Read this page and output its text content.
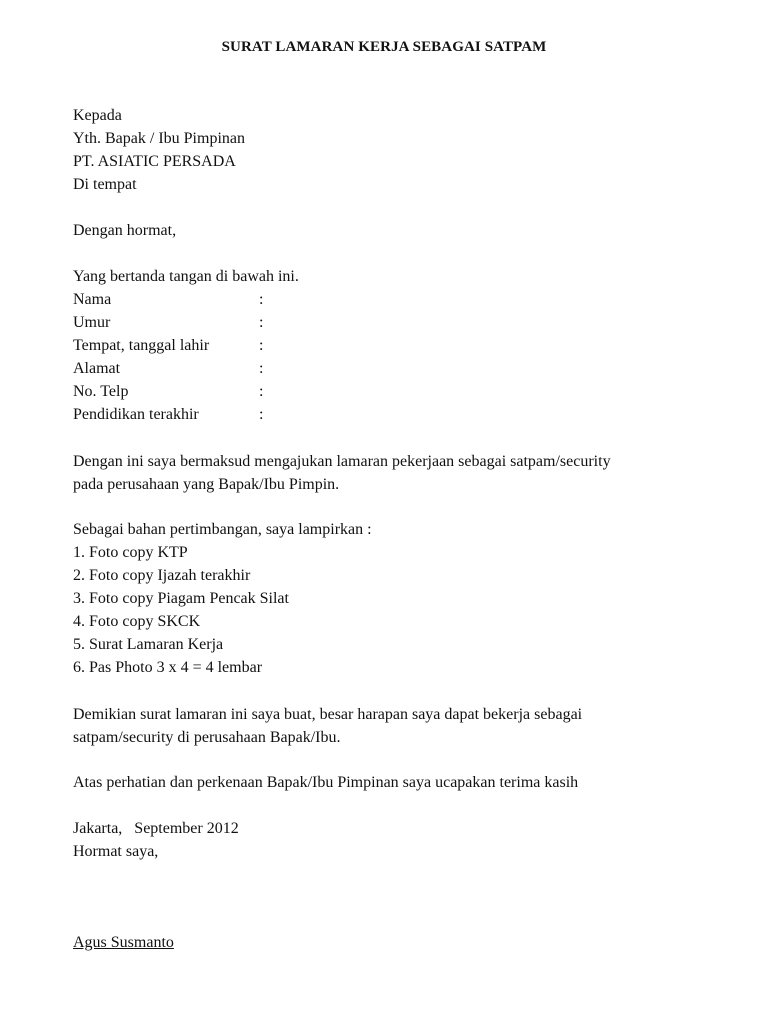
SURAT LAMARAN KERJA SEBAGAI SATPAM
Kepada
Yth. Bapak / Ibu Pimpinan
PT. ASIATIC PERSADA
Di tempat
Dengan hormat,
Yang bertanda tangan di bawah ini.
Nama	:
Umur	:
Tempat, tanggal lahir	:
Alamat	:
No. Telp	:
Pendidikan terakhir	:
Dengan ini saya bermaksud mengajukan lamaran pekerjaan sebagai satpam/security
pada perusahaan yang Bapak/Ibu Pimpin.
Sebagai bahan pertimbangan, saya lampirkan :
1. Foto copy KTP
2. Foto copy Ijazah terakhir
3. Foto copy Piagam Pencak Silat
4. Foto copy SKCK
5. Surat Lamaran Kerja
6. Pas Photo 3 x 4 = 4 lembar
Demikian surat lamaran ini saya buat, besar harapan saya dapat bekerja sebagai
satpam/security di perusahaan Bapak/Ibu.
Atas perhatian dan perkenaan Bapak/Ibu Pimpinan saya ucapakan terima kasih
Jakarta,   September 2012
Hormat saya,
Agus Susmanto
